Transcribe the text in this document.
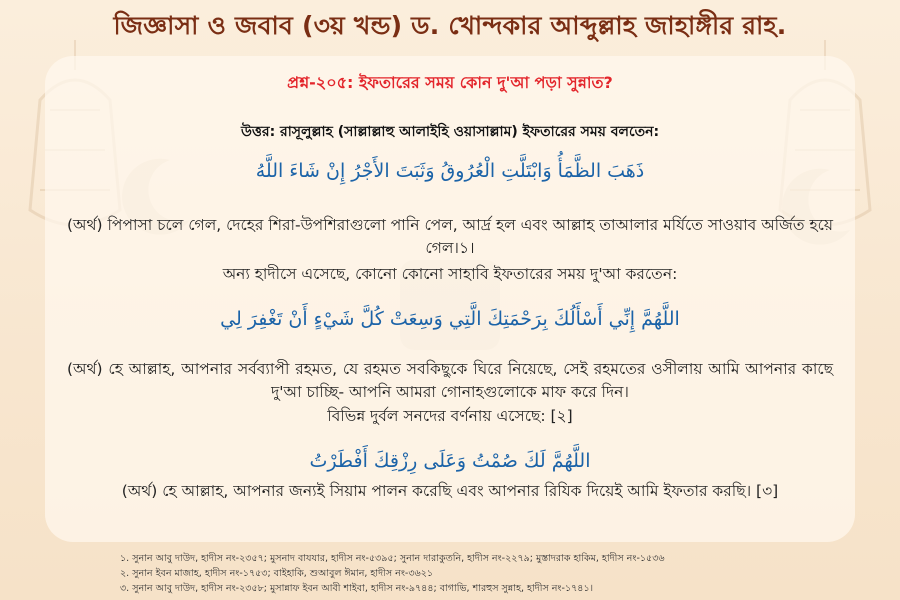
জিজ্ঞাসা ও জবাব (৩য় খন্ড) ড. খোন্দকার আব্দুল্লাহ জাহাঙ্গীর রাহ.
প্রশ্ন-২০৫: ইফতারের সময় কোন দু'আ পড়া সুন্নাত?
উত্তর: রাসূলুল্লাহ (সাল্লাল্লাহু আলাইহি ওয়াসাল্লাম) ইফতারের সময় বলতেন:
ذَهَبَ الظَّمَأُ وَابْتَلَّتِ الْعُرُوقُ وَثَبَتَ الأَجْرُ إِنْ شَاءَ اللَّهُ
(অর্থ) পিপাসা চলে গেল, দেহের শিরা-উপশিরাগুলো পানি পেল, আর্দ্র হল এবং আল্লাহ তাআলার মর্যিতে সাওয়াব অর্জিত হয়ে গেল।১।
অন্য হাদীসে এসেছে, কোনো কোনো সাহাবি ইফতারের সময় দু'আ করতেন:
اللَّهُمَّ إِنِّي أَسْأَلُكَ بِرَحْمَتِكَ الَّتِي وَسِعَتْ كُلَّ شَيْءٍ أَنْ تَغْفِرَ لِي
(অর্থ) হে আল্লাহ, আপনার সর্বব্যাপী রহমত, যে রহমত সবকিছুকে ঘিরে নিয়েছে, সেই রহমতের ওসীলায় আমি আপনার কাছে দু'আ চাচ্ছি- আপনি আমরা গোনাহগুলোকে মাফ করে দিন।
বিভিন্ন দুর্বল সনদের বর্ণনায় এসেছে: [২]
اللَّهُمَّ لَكَ صُمْتُ وَعَلَى رِزْقِكَ أَفْطَرْتُ
(অর্থ) হে আল্লাহ, আপনার জন্যই সিয়াম পালন করেছি এবং আপনার রিযিক দিয়েই আমি ইফতার করছি। [৩]
১. সুনান আবু দাউদ, হাদীস নং-২৩৫৭; মুসনাদ বাযযার, হাদীস নং-৫৩৯৫; সুনান দারাকুতনি, হাদীস নং-২২৭৯; মুস্তাদরাক হাকিম, হাদীস নং-১৫৩৬
২. সুনান ইবন মাজাহ, হাদীস নং-১৭৫৩; বাইহাকি, শুআবুল ঈমান, হাদীস নং-৩৬২১
৩. সুনান আবু দাউদ, হাদীস নং-২৩৫৮; মুসান্নাফ ইবন আবী শাইবা, হাদীস নং-৯৭৪৪; বাগাভি, শারহুস সুন্নাহ, হাদীস নং-১৭৪১।
